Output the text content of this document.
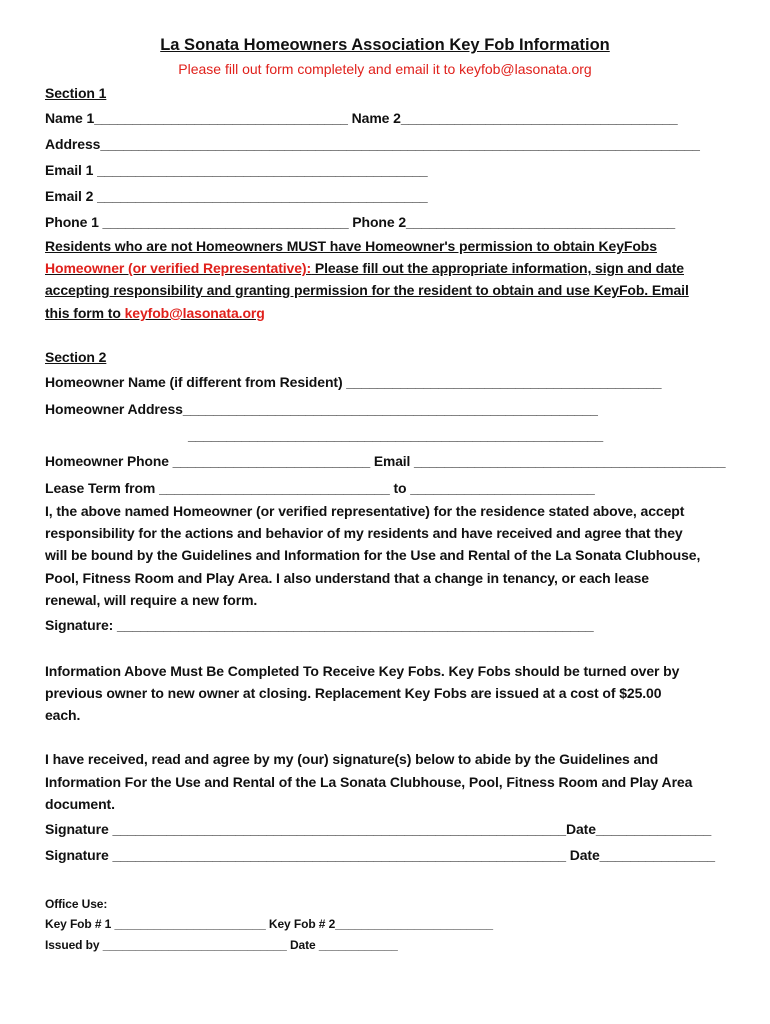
La Sonata Homeowners Association Key Fob Information
Please fill out form completely and email it to keyfob@lasonata.org
Section 1
Name 1_________________________________ Name 2____________________________________
Address______________________________________________________________________________
Email 1 ___________________________________________
Email 2 ___________________________________________
Phone 1 ________________________________ Phone 2___________________________________
Residents who are not Homeowners MUST have Homeowner's permission to obtain KeyFobs
Homeowner (or verified Representative): Please fill out the appropriate information, sign and date
accepting responsibility and granting permission for the resident to obtain and use KeyFob. Email
this form to keyfob@lasonata.org
Section 2
Homeowner Name (if different from Resident) _________________________________________
Homeowner Address______________________________________________________
______________________________________________________
Homeowner Phone __________________________ Email _________________________________________
Lease Term from ______________________________ to ________________________
I, the above named Homeowner (or verified representative) for the residence stated above, accept
responsibility for the actions and behavior of my residents and have received and agree that they
will be bound by the Guidelines and Information for the Use and Rental of the La Sonata Clubhouse,
Pool, Fitness Room and Play Area. I also understand that a change in tenancy, or each lease
renewal, will require a new form.
Signature: ______________________________________________________________
Information Above Must Be Completed To Receive Key Fobs. Key Fobs should be turned over by
previous owner to new owner at closing. Replacement Key Fobs are issued at a cost of $25.00
each.
I have received, read and agree by my (our) signature(s) below to abide by the Guidelines and
Information For the Use and Rental of the La Sonata Clubhouse, Pool, Fitness Room and Play Area
document.
Signature ___________________________________________________________Date_______________
Signature ___________________________________________________________ Date_______________
Office Use:
Key Fob # 1 _______________________ Key Fob # 2________________________
Issued by ____________________________ Date ____________
